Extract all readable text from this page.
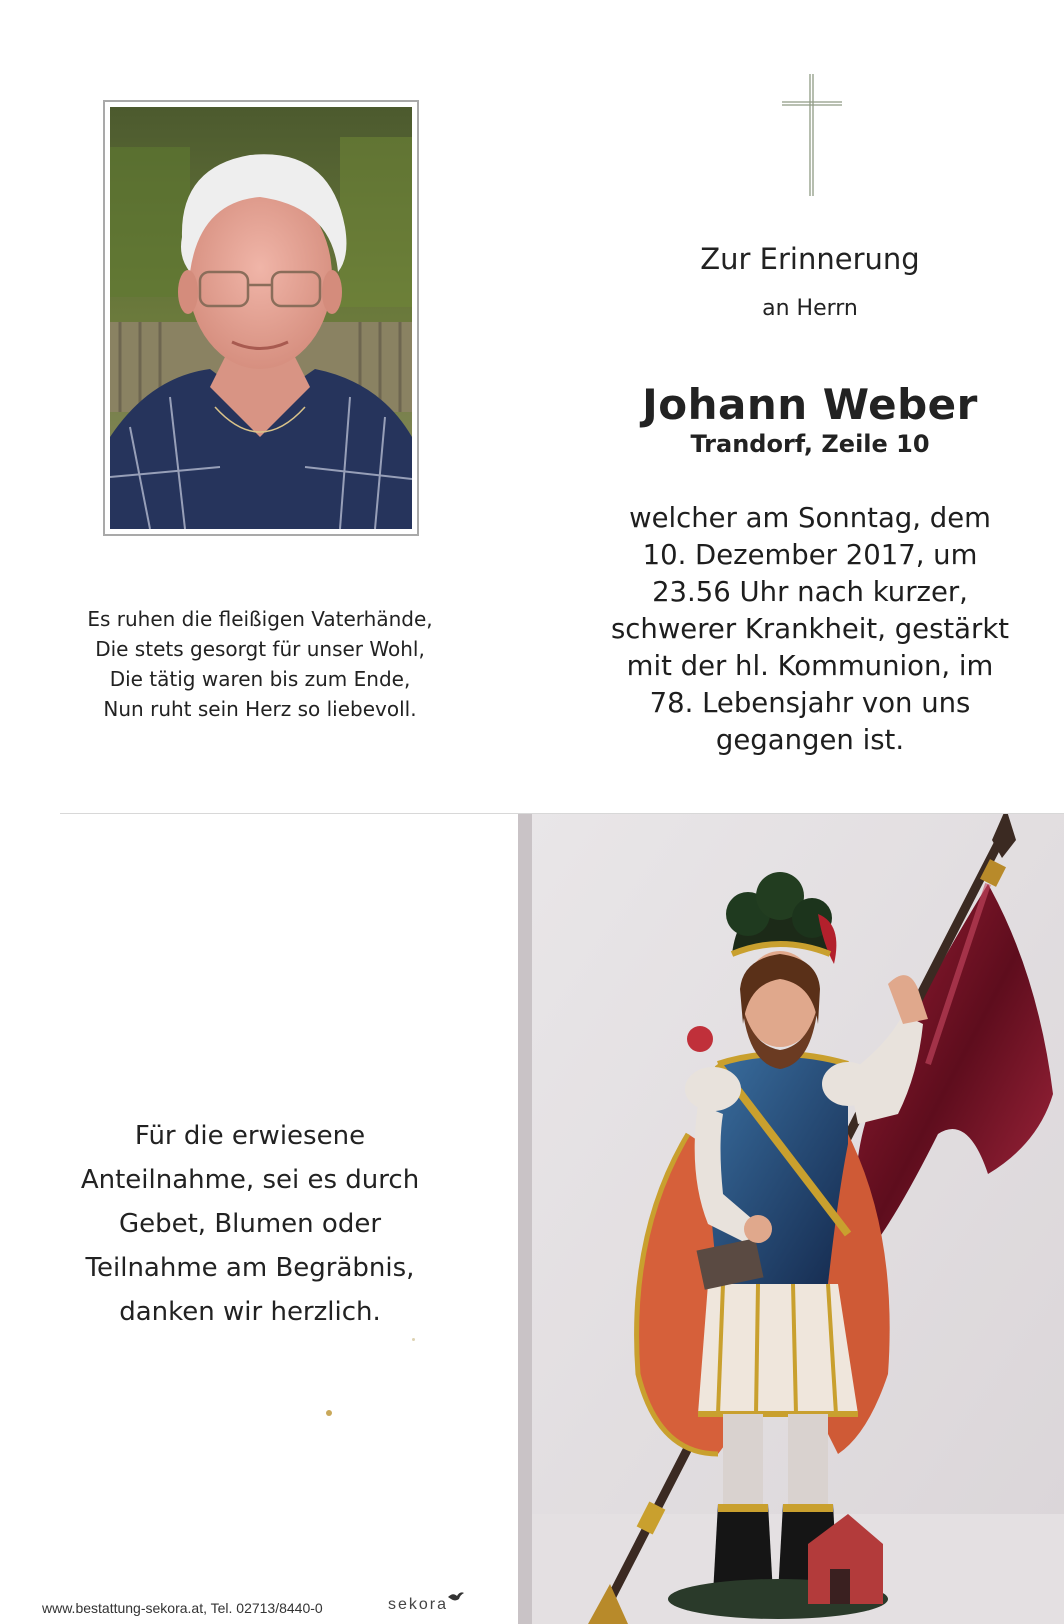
Es ruhen die fleißigen Vaterhände,
Die stets gesorgt für unser Wohl,
Die tätig waren bis zum Ende,
Nun ruht sein Herz so liebevoll.
Zur Erinnerung
an Herrn
Johann Weber
Trandorf, Zeile 10
welcher am Sonntag, dem
10. Dezember 2017, um
23.56 Uhr nach kurzer,
schwerer Krankheit, gestärkt
mit der hl. Kommunion, im
78. Lebensjahr von uns
gegangen ist.
Für die erwiesene
Anteilnahme, sei es durch
Gebet, Blumen oder
Teilnahme am Begräbnis,
danken wir herzlich.
www.bestattung-sekora.at, Tel. 02713/8440-0	sekora
